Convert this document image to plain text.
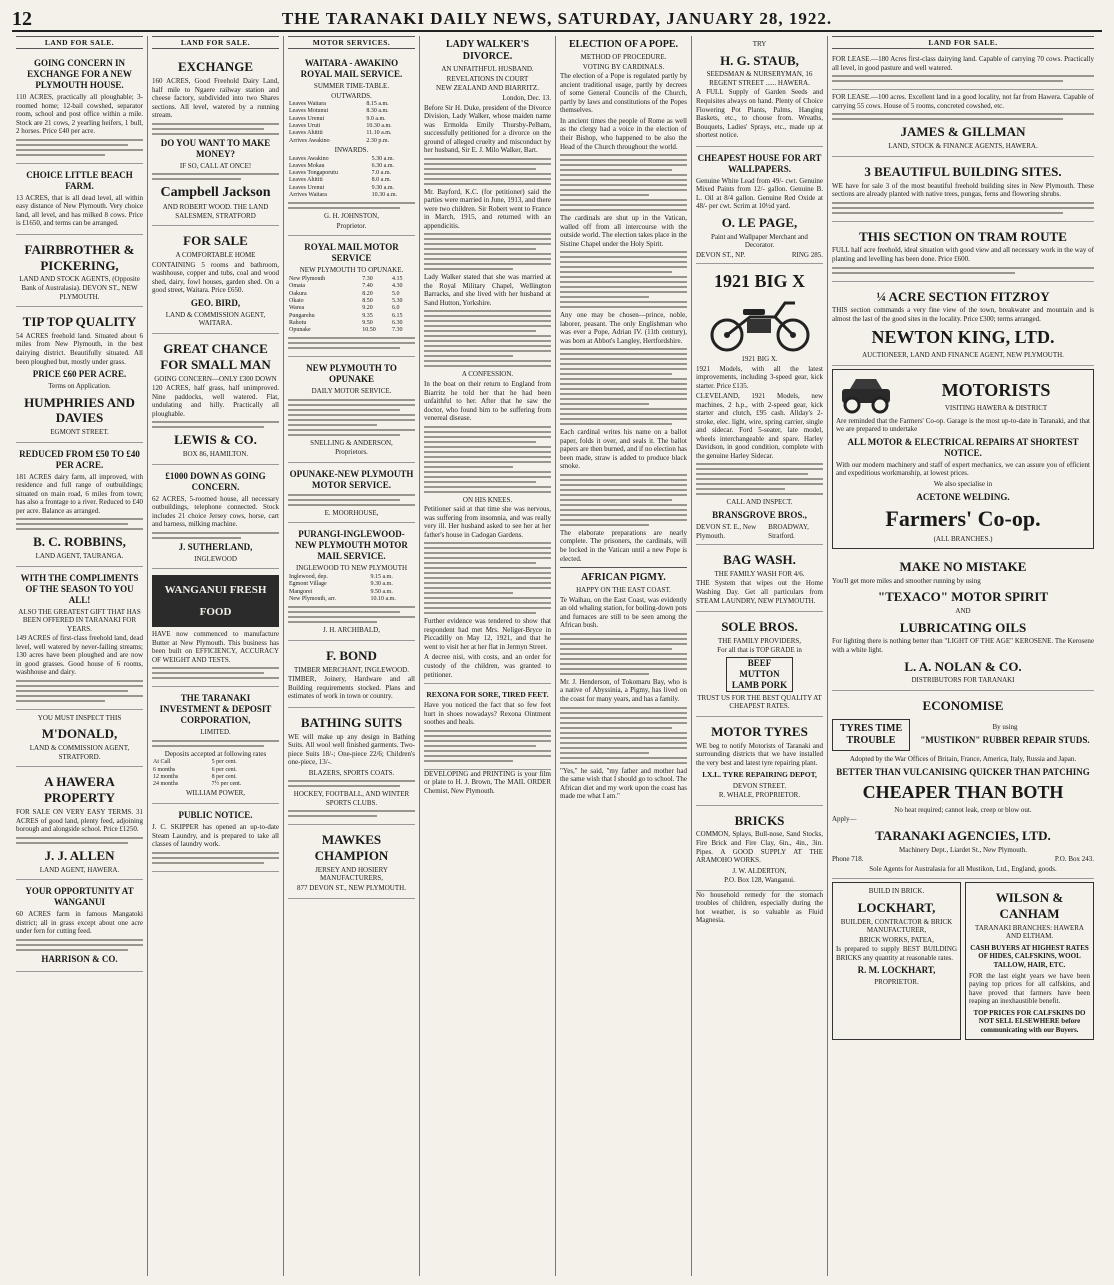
12	THE TARANAKI DAILY NEWS, SATURDAY, JANUARY 28, 1922.
LAND FOR SALE.
GOING CONCERN IN EXCHANGE FOR A NEW PLYMOUTH HOUSE.
110 ACRES, practically all ploughable; 3-roomed home; 12-bail cowshed, separator room, school and post office within a mile. Stock are 21 cows, 2 yearling heifers, 1 bull, 2 horses. Price £40 per acre.
CHOICE LITTLE BEACH FARM.
13 ACRES, that is all dead level, all within easy distance of New Plymouth. Very choice land, all level, and has milked 8 cows. Price is £1650, and terms can be arranged.
FAIRBROTHER & PICKERING,
LAND AND STOCK AGENTS, (Opposite Bank of Australasia). DEVON ST., NEW PLYMOUTH.
TIP TOP QUALITY
54 ACRES freehold land. Situated about 6 miles from New Plymouth, in the best dairying district. Beautifully situated. All been ploughed but, mostly under grass.
PRICE £60 PER ACRE.
Terms on Application.
HUMPHRIES AND DAVIES
EGMONT STREET.
REDUCED FROM £50 TO £40 PER ACRE.
181 ACRES dairy farm, all improved, with residence and full range of outbuildings; situated on main road, 6 miles from town; has also a frontage to a river. Reduced to £40 per acre. Balance as arranged.
B. C. ROBBINS,
LAND AGENT, TAURANGA.
WITH THE COMPLIMENTS OF THE SEASON TO YOU ALL!
ALSO THE GREATEST GIFT THAT HAS BEEN OFFERED IN TARANAKI FOR YEARS.
149 ACRES of first-class freehold land, dead level, well watered by never-failing streams; 130 acres have been ploughed and are now in good grasses. Good house of 6 rooms, washhouse and dairy.
YOU MUST INSPECT THIS
M'DONALD,
LAND & COMMISSION AGENT, STRATFORD.
A HAWERA PROPERTY
FOR SALE ON VERY EASY TERMS. 31 ACRES of good land, plenty feed, adjoining borough and alongside school. Price £1250.
J. J. ALLEN
LAND AGENT, HAWERA.
YOUR OPPORTUNITY AT WANGANUI
60 ACRES farm in famous Mangatoki district; all in grass except about one acre under fern for cutting feed.
HARRISON & CO.
LAND FOR SALE.
EXCHANGE
160 ACRES, Good Freehold Dairy Land, half mile to Ngaere railway station and cheese factory, subdivided into two Shares sections. All level, watered by a running stream.
DO YOU WANT TO MAKE MONEY?
IF SO, CALL AT ONCE!
Campbell Jackson
AND ROBERT WOOD. THE LAND SALESMEN, STRATFORD
FOR SALE
A COMFORTABLE HOME
CONTAINING 5 rooms and bathroom, washhouse, copper and tubs, coal and wood shed, dairy, fowl houses, garden shed. On a good street, Waitara. Price £650.
GEO. BIRD,
LAND & COMMISSION AGENT, WAITARA.
GREAT CHANCE FOR SMALL MAN
GOING CONCERN—ONLY £300 DOWN
120 ACRES, half grass, half unimproved. Nine paddocks, well watered. Flat, undulating and hilly. Practically all ploughable.
LEWIS & CO.
BOX 86, HAMILTON.
£1000 DOWN AS GOING CONCERN.
62 ACRES, 5-roomed house, all necessary outbuildings, telephone connected. Stock includes 21 choice Jersey cows, horse, cart and harness, milking machine.
J. SUTHERLAND,
INGLEWOOD
WANGANUI FRESH FOOD
HAVE now commenced to manufacture Butter at New Plymouth. This business has been built on EFFICIENCY, ACCURACY OF WEIGHT AND TESTS.
THE TARANAKI INVESTMENT & DEPOSIT CORPORATION,
LIMITED.
Deposits accepted at following rates
At Call	5 per cent.
6 months	6 per cent.
12 months	8 per cent.
24 months	7½ per cent.
WILLIAM POWER,
PUBLIC NOTICE.
J. C. SKIPPER has opened an up-to-date Steam Laundry, and is prepared to take all classes of laundry work.
MOTOR SERVICES.
WAITARA - AWAKINO ROYAL MAIL SERVICE.
SUMMER TIME-TABLE.
OUTWARDS.
Leaves Waitara	8.15 a.m.
Leaves Motunui	8.30 a.m.
Leaves Urenui	9.0 a.m.
Leaves Uruti	10.30 a.m.
Leaves Ahititi	11.10 a.m.
Arrives Awakino	2.30 p.m.
INWARDS.
Leaves Awakino	5.30 a.m.
Leaves Mokau	6.30 a.m.
Leaves Tongaporutu	7.0 a.m.
Leaves Ahititi	8.0 a.m.
Leaves Urenui	9.30 a.m.
Arrives Waitara	10.30 a.m.
G. H. JOHNSTON,
Proprietor.
ROYAL MAIL MOTOR SERVICE
NEW PLYMOUTH TO OPUNAKE.
New Plymouth	7.30	4.15
Omata	7.40	4.30
Oakura	8.20	5.0
Okato	8.50	5.30
Warea	9.20	6.0
Pungarehu	9.35	6.15
Rahotu	9.50	6.30
Opunake	10.50	7.30
NEW PLYMOUTH TO OPUNAKE
DAILY MOTOR SERVICE.
SNELLING & ANDERSON,
Proprietors.
OPUNAKE-NEW PLYMOUTH MOTOR SERVICE.
E. MOORHOUSE,
PURANGI-INGLEWOOD-NEW PLYMOUTH MOTOR MAIL SERVICE.
INGLEWOOD TO NEW PLYMOUTH
Inglewood, dep.	9.15 a.m.
Egmont Village	9.30 a.m.
Mangorei	9.50 a.m.
New Plymouth, arr.	10.10 a.m.
J. H. ARCHIBALD,
F. BOND
TIMBER MERCHANT, INGLEWOOD.
TIMBER, Joinery, Hardware and all Building requirements stocked. Plans and estimates of work in town or country.
BATHING SUITS
WE will make up any design in Bathing Suits. All wool well finished garments. Two-piece Suits 18/-; One-piece 22/6; Children's one-piece, 13/-.
BLAZERS, SPORTS COATS.
HOCKEY, FOOTBALL, AND WINTER SPORTS CLUBS.
MAWKES CHAMPION
JERSEY AND HOSIERY MANUFACTURERS,
877 DEVON ST., NEW PLYMOUTH.
LADY WALKER'S DIVORCE.
AN UNFAITHFUL HUSBAND.
REVELATIONS IN COURT
NEW ZEALAND AND BIARRITZ.
London, Dec. 13.
Before Sir H. Duke, president of the Divorce Division, Lady Walker, whose maiden name was Ermolda Emily Thursby-Pelham, successfully petitioned for a divorce on the ground of alleged cruelty and misconduct by her husband, Sir E. J. Milo Walker, Bart.
Mr. Bayford, K.C. (for petitioner) said the parties were married in June, 1913, and there were two children. Sir Robert went to France in March, 1915, and returned with an appendicitis.
Lady Walker stated that she was married at the Royal Military Chapel, Wellington Barracks, and she lived with her husband at Sand Hutton, Yorkshire.
A CONFESSION.
In the boat on their return to England from Biarritz he told her that he had been unfaithful to her. After that he saw the doctor, who found him to be suffering from venereal disease.
ON HIS KNEES.
Petitioner said at that time she was nervous, was suffering from insomnia, and was really very ill. Her husband asked to see her at her father's house in Cadogan Gardens.
Further evidence was tendered to show that respondent had met Mrs. Neliger-Bryce in Piccadilly on May 12, 1921, and that he went to visit her at her flat in Jermyn Street.
A decree nisi, with costs, and an order for custody of the children, was granted to petitioner.
REXONA FOR SORE, TIRED FEET.
Have you noticed the fact that so few feet hurt in shoes nowadays? Rexona Ointment soothes and heals.
DEVELOPING and PRINTING is your film or plate to H. J. Brown, The MAIL ORDER Chemist, New Plymouth.
ELECTION OF A POPE.
METHOD OF PROCEDURE.
VOTING BY CARDINALS.
The election of a Pope is regulated partly by ancient traditional usage, partly by decrees of some General Councils of the Church, partly by laws and constitutions of the Popes themselves.
In ancient times the people of Rome as well as the clergy had a voice in the election of their Bishop, who happened to be also the Head of the Church throughout the world.
The cardinals are shut up in the Vatican, walled off from all intercourse with the outside world. The election takes place in the Sistine Chapel under the Holy Spirit.
Any one may be chosen—prince, noble, laborer, peasant. The only Englishman who was ever a Pope, Adrian IV. (11th century), was born at Abbot's Langley, Hertfordshire.
Each cardinal writes his name on a ballot paper, folds it over, and seals it. The ballot papers are then burned, and if no election has been made, straw is added to produce black smoke.
The elaborate preparations are nearly complete. The prisoners, the cardinals, will be locked in the Vatican until a new Pope is elected.
AFRICAN PIGMY.
HAPPY ON THE EAST COAST.
Te Waihau, on the East Coast, was evidently an old whaling station, for boiling-down pots and furnaces are still to be seen among the African bush.
Mr. J. Henderson, of Tokomaru Bay, who is a native of Abyssinia, a Pigmy, has lived on the coast for many years, and has a family.
"Yes," he said, "my father and mother had the same wish that I should go to school. The African diet and my work upon the coast has made me what I am."
TRY
H. G. STAUB,
SEEDSMAN & NURSERYMAN, 16 REGENT STREET ...... HAWERA.
A FULL Supply of Garden Seeds and Requisites always on hand. Plenty of Choice Flowering Pot Plants, Palms, Hanging Baskets, etc., to choose from. Wreaths, Bouquets, Ladies' Sprays, etc., made up at shortest notice.
CHEAPEST HOUSE FOR ART WALLPAPERS.
Genuine White Lead from 49/- cwt. Genuine Mixed Paints from 12/- gallon. Genuine B. L. Oil at 8/4 gallon. Genuine Red Oxide at 48/- per cwt. Scrim at 10½d yard.
O. LE PAGE,
Paint and Wallpaper Merchant and Decorator.
DEVON ST., NP.	RING 285.
1921 BIG X
1921 BIG X.
1921 Models, with all the latest improvements, including 3-speed gear, kick starter. Price £135.
CLEVELAND, 1921 Models, new machines, 2 h.p., with 2-speed gear, kick starter and clutch, £95 cash. Allday's 2-stroke, elec. light, wire, spring carrier, single and sidecar. Ford 5-seater, late model, wheels interchangeable and spare. Harley Davidson, in good condition, complete with the genuine Harley Sidecar.
CALL AND INSPECT.
BRANSGROVE BROS.,
DEVON ST. E., New Plymouth.
BROADWAY, Stratford.
BAG WASH.
THE FAMILY WASH FOR 4/6.
THE System that wipes out the Home Washing Day. Get all particulars from STEAM LAUNDRY, NEW PLYMOUTH.
SOLE BROS.
THE FAMILY PROVIDERS,
For all that is TOP GRADE in
BEEF MUTTON LAMB PORK
TRUST US FOR THE BEST QUALITY AT CHEAPEST RATES.
MOTOR TYRES
WE beg to notify Motorists of Taranaki and surrounding districts that we have installed the very best and latest tyre repairing plant.
I.X.L. TYRE REPAIRING DEPOT,
DEVON STREET.
R. WHALE, PROPRIETOR.
BRICKS
COMMON, Splays, Bull-nose, Sand Stocks, Fire Brick and Fire Clay, 6in., 4in., 3in. Pipes. A GOOD SUPPLY AT THE ARAMOHO WORKS.
J. W. ALDERTON,
P.O. Box 128, Wanganui.
No household remedy for the stomach troubles of children, especially during the hot weather, is so valuable as Fluid Magnesia.
LAND FOR SALE.
FOR LEASE.—180 Acres first-class dairying land. Capable of carrying 70 cows. Practically all level, in good pasture and well watered.
FOR LEASE.—100 acres. Excellent land in a good locality, not far from Hawera. Capable of carrying 55 cows. House of 5 rooms, concreted cowshed, etc.
JAMES & GILLMAN
LAND, STOCK & FINANCE AGENTS, HAWERA.
3 BEAUTIFUL BUILDING SITES.
WE have for sale 3 of the most beautiful freehold building sites in New Plymouth. These sections are already planted with native trees, pungas, ferns and flowering shrubs.
THIS SECTION ON TRAM ROUTE
FULL half acre freehold, ideal situation with good view and all necessary work in the way of planting and levelling has been done. Price £600.
¼ ACRE SECTION FITZROY
THIS section commands a very fine view of the town, breakwater and mountain and is almost the last of the good sites in the locality. Price £300; terms arranged.
NEWTON KING, LTD.
AUCTIONEER, LAND AND FINANCE AGENT, NEW PLYMOUTH.
MOTORISTS
VISITING HAWERA & DISTRICT
Are reminded that the Farmers' Co-op. Garage is the most up-to-date in Taranaki, and that we are prepared to undertake
ALL MOTOR & ELECTRICAL REPAIRS AT SHORTEST NOTICE.
With our modern machinery and staff of expert mechanics, we can assure you of efficient and expeditious workmanship, at lowest prices.
We also specialise in
ACETONE WELDING.
Farmers' Co-op.
(ALL BRANCHES.)
MAKE NO MISTAKE
You'll get more miles and smoother running by using
"TEXACO" MOTOR SPIRIT
AND
LUBRICATING OILS
For lighting there is nothing better than "LIGHT OF THE AGE" KEROSENE. The Kerosene with a white light.
L. A. NOLAN & CO.
DISTRIBUTORS FOR TARANAKI
ECONOMISE
TYRES TIME TROUBLE
By using
"MUSTIKON" RUBBER REPAIR STUDS.
Adopted by the War Offices of Britain, France, America, Italy, Russia and Japan.
BETTER THAN VULCANISING QUICKER THAN PATCHING
CHEAPER THAN BOTH
No heat required; cannot leak, creep or blow out.
Apply—
TARANAKI AGENCIES, LTD.
Machinery Dept., Liardet St., New Plymouth.
Phone 718.	P.O. Box 243.
Sole Agents for Australasia for all Mustikon, Ltd., England, goods.
BUILD IN BRICK.
LOCKHART,
BUILDER, CONTRACTOR & BRICK MANUFACTURER,
BRICK WORKS, PATEA,
Is prepared to supply BEST BUILDING BRICKS any quantity at reasonable rates.
R. M. LOCKHART,
PROPRIETOR.
WILSON & CANHAM
TARANAKI BRANCHES: HAWERA AND ELTHAM.
CASH BUYERS AT HIGHEST RATES OF HIDES, CALFSKINS, WOOL TALLOW, HAIR, ETC.
FOR the last eight years we have been paying top prices for all calfskins, and have proved that farmers have been reaping an inexhaustible benefit.
TOP PRICES FOR CALFSKINS DO NOT SELL ELSEWHERE before communicating with our Buyers.
